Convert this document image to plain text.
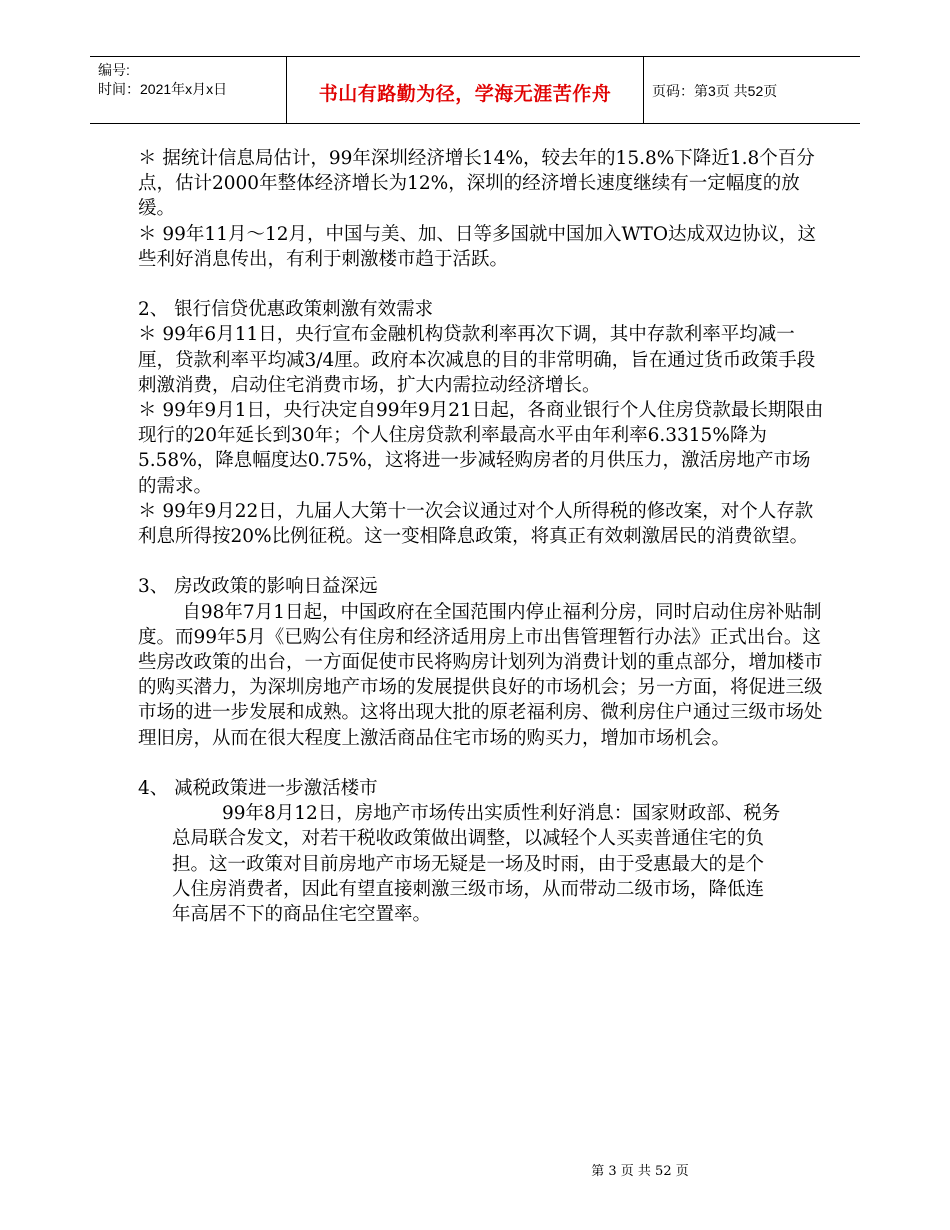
编号:
时间：2021年x月x日	书山有路勤为径，学海无涯苦作舟	页码：第3页 共52页

＊ 据统计信息局估计，99年深圳经济增长14%，较去年的15.8%下降近1.8个百分点，估计2000年整体经济增长为12%，深圳的经济增长速度继续有一定幅度的放缓。

＊ 99年11月～12月，中国与美、加、日等多国就中国加入WTO达成双边协议，这些利好消息传出，有利于刺激楼市趋于活跃。

2、 银行信贷优惠政策刺激有效需求

＊ 99年6月11日，央行宣布金融机构贷款利率再次下调，其中存款利率平均减一厘，贷款利率平均减3/4厘。政府本次减息的目的非常明确，旨在通过货币政策手段刺激消费，启动住宅消费市场，扩大内需拉动经济增长。

＊ 99年9月1日，央行决定自99年9月21日起，各商业银行个人住房贷款最长期限由现行的20年延长到30年；个人住房贷款利率最高水平由年利率6.3315%降为5.58%，降息幅度达0.75%，这将进一步减轻购房者的月供压力，激活房地产市场的需求。

＊ 99年9月22日，九届人大第十一次会议通过对个人所得税的修改案，对个人存款利息所得按20%比例征税。这一变相降息政策，将真正有效刺激居民的消费欲望。

3、 房改政策的影响日益深远

自98年7月1日起，中国政府在全国范围内停止福利分房，同时启动住房补贴制度。而99年5月《已购公有住房和经济适用房上市出售管理暂行办法》正式出台。这些房改政策的出台，一方面促使市民将购房计划列为消费计划的重点部分，增加楼市的购买潜力，为深圳房地产市场的发展提供良好的市场机会；另一方面，将促进三级市场的进一步发展和成熟。这将出现大批的原老福利房、微利房住户通过三级市场处理旧房，从而在很大程度上激活商品住宅市场的购买力，增加市场机会。

4、 减税政策进一步激活楼市

99年8月12日，房地产市场传出实质性利好消息：国家财政部、税务总局联合发文，对若干税收政策做出调整，以减轻个人买卖普通住宅的负担。这一政策对目前房地产市场无疑是一场及时雨，由于受惠最大的是个人住房消费者，因此有望直接刺激三级市场，从而带动二级市场，降低连年高居不下的商品住宅空置率。

第 3 页 共 52 页
